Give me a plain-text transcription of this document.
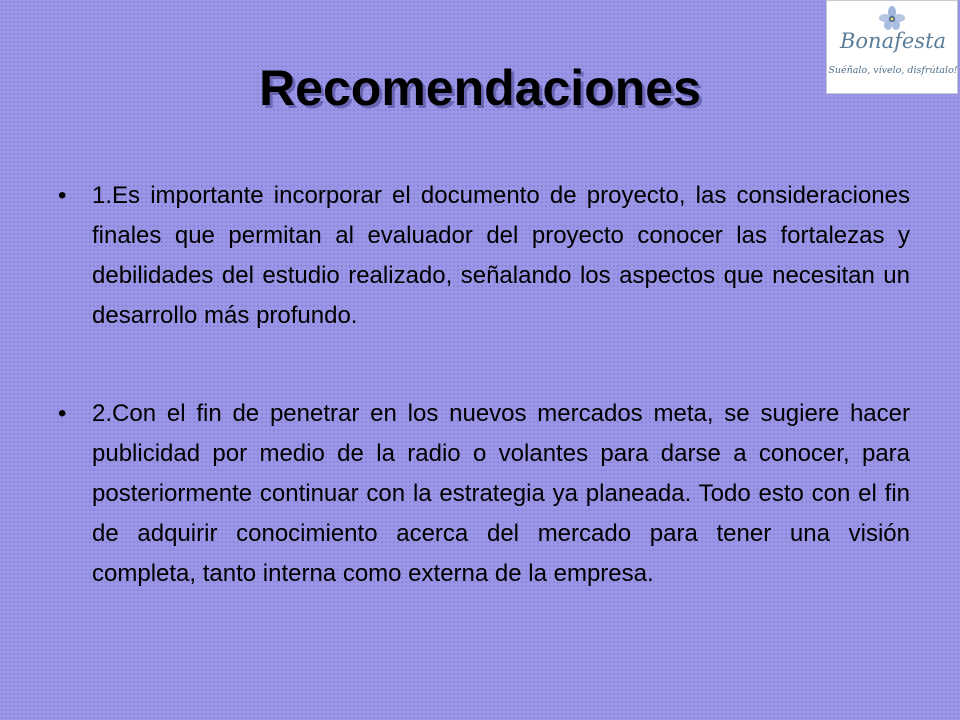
Recomendaciones
Bonafesta
Suéñalo, vívelo, disfrútalo!
• 1.Es importante incorporar el documento de proyecto, las consideraciones finales que permitan al evaluador del proyecto conocer las fortalezas y debilidades del estudio realizado, señalando los aspectos que necesitan un desarrollo más profundo.
• 2.Con el fin de penetrar en los nuevos mercados meta, se sugiere hacer publicidad por medio de la radio o volantes para darse a conocer, para posteriormente continuar con la estrategia ya planeada. Todo esto con el fin de adquirir conocimiento acerca del mercado para tener una visión completa, tanto interna como externa de la empresa.
